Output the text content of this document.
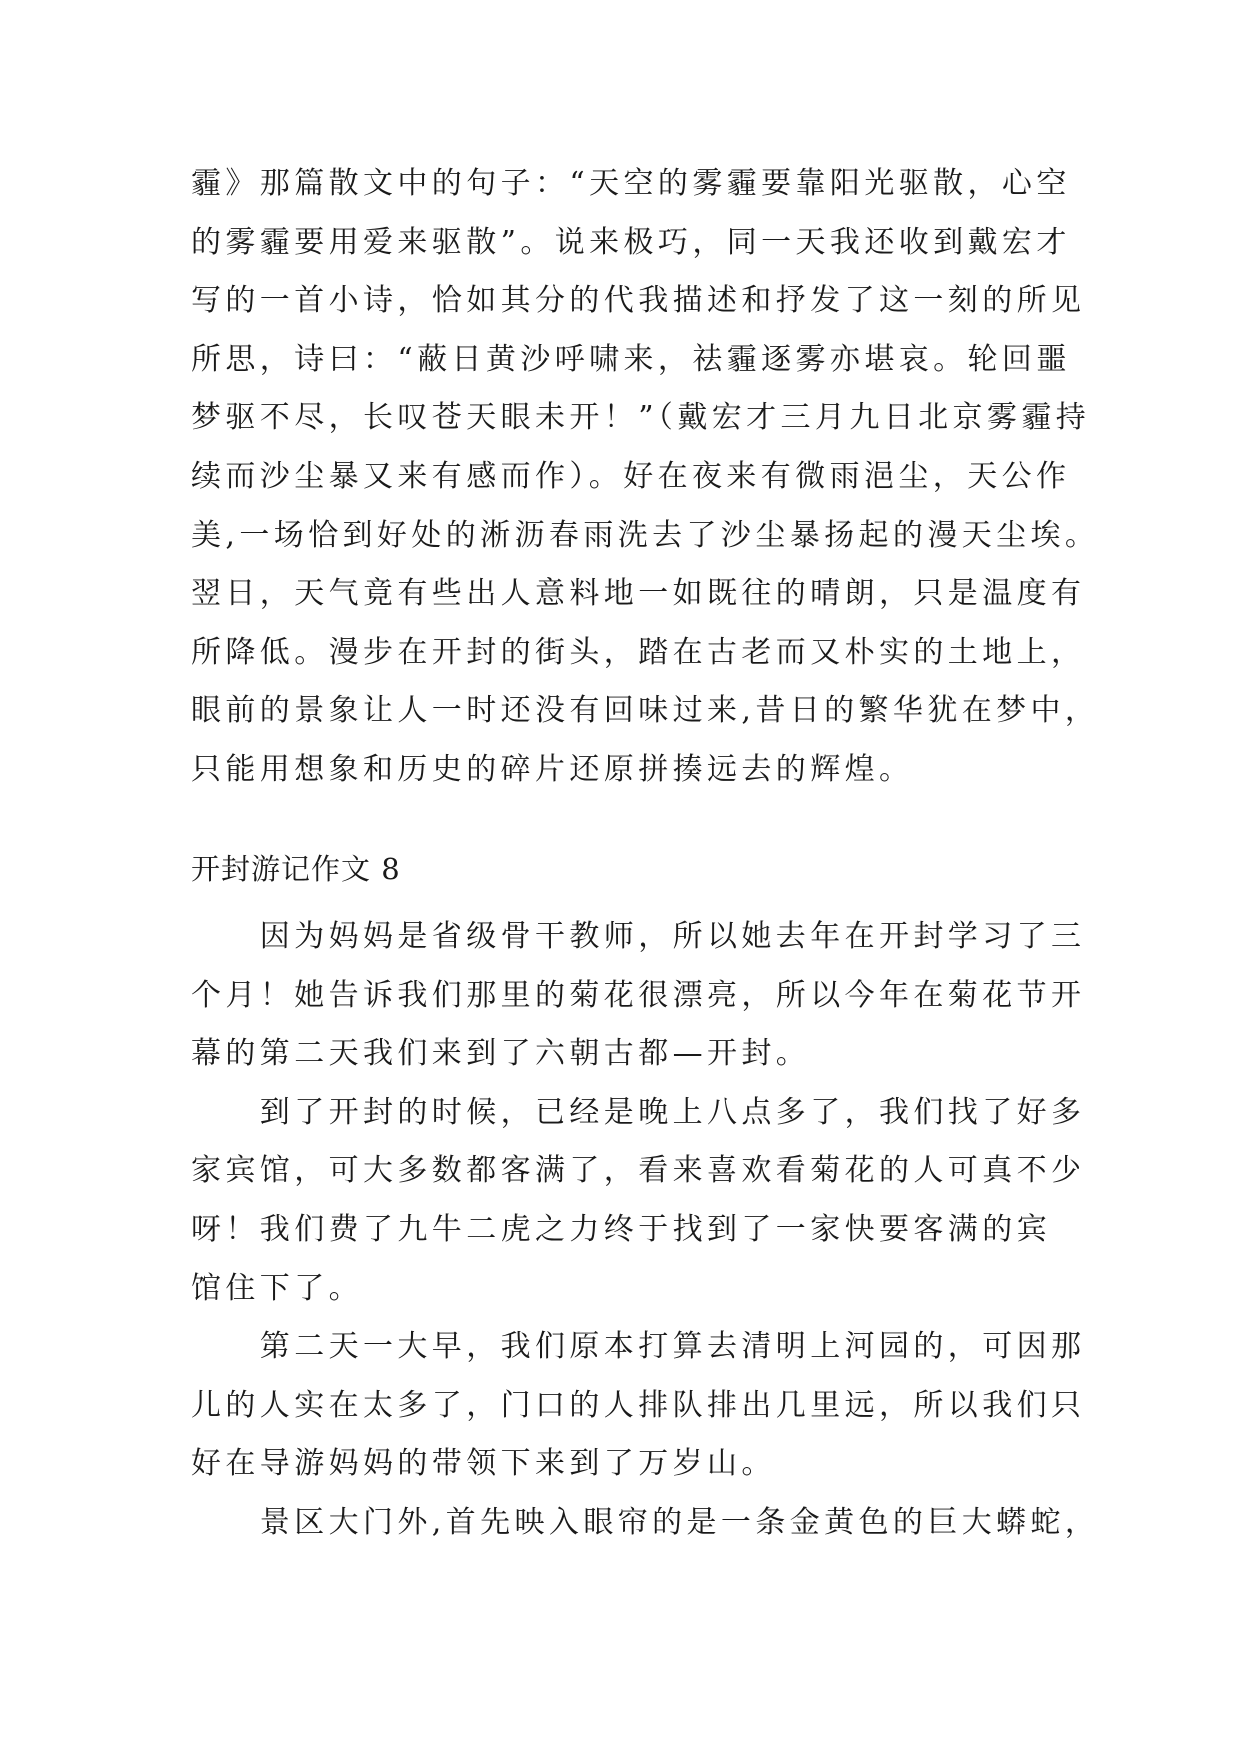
霾》那篇散文中的句子：“天空的雾霾要靠阳光驱散，心空
的雾霾要用爱来驱散”。说来极巧，同一天我还收到戴宏才
写的一首小诗，恰如其分的代我描述和抒发了这一刻的所见
所思，诗曰：“蔽日黄沙呼啸来，祛霾逐雾亦堪哀。轮回噩
梦驱不尽，长叹苍天眼未开！”（戴宏才三月九日北京雾霾持
续而沙尘暴又来有感而作）。好在夜来有微雨浥尘，天公作
美,一场恰到好处的淅沥春雨洗去了沙尘暴扬起的漫天尘埃。
翌日，天气竟有些出人意料地一如既往的晴朗，只是温度有
所降低。漫步在开封的街头，踏在古老而又朴实的土地上，
眼前的景象让人一时还没有回味过来,昔日的繁华犹在梦中，
只能用想象和历史的碎片还原拼揍远去的辉煌。
开封游记作文 8
　　因为妈妈是省级骨干教师，所以她去年在开封学习了三
个月！她告诉我们那里的菊花很漂亮，所以今年在菊花节开
幕的第二天我们来到了六朝古都—开封。
　　到了开封的时候，已经是晚上八点多了，我们找了好多
家宾馆，可大多数都客满了，看来喜欢看菊花的人可真不少
呀！我们费了九牛二虎之力终于找到了一家快要客满的宾
馆住下了。
　　第二天一大早，我们原本打算去清明上河园的，可因那
儿的人实在太多了，门口的人排队排出几里远，所以我们只
好在导游妈妈的带领下来到了万岁山。
　　景区大门外,首先映入眼帘的是一条金黄色的巨大蟒蛇，
